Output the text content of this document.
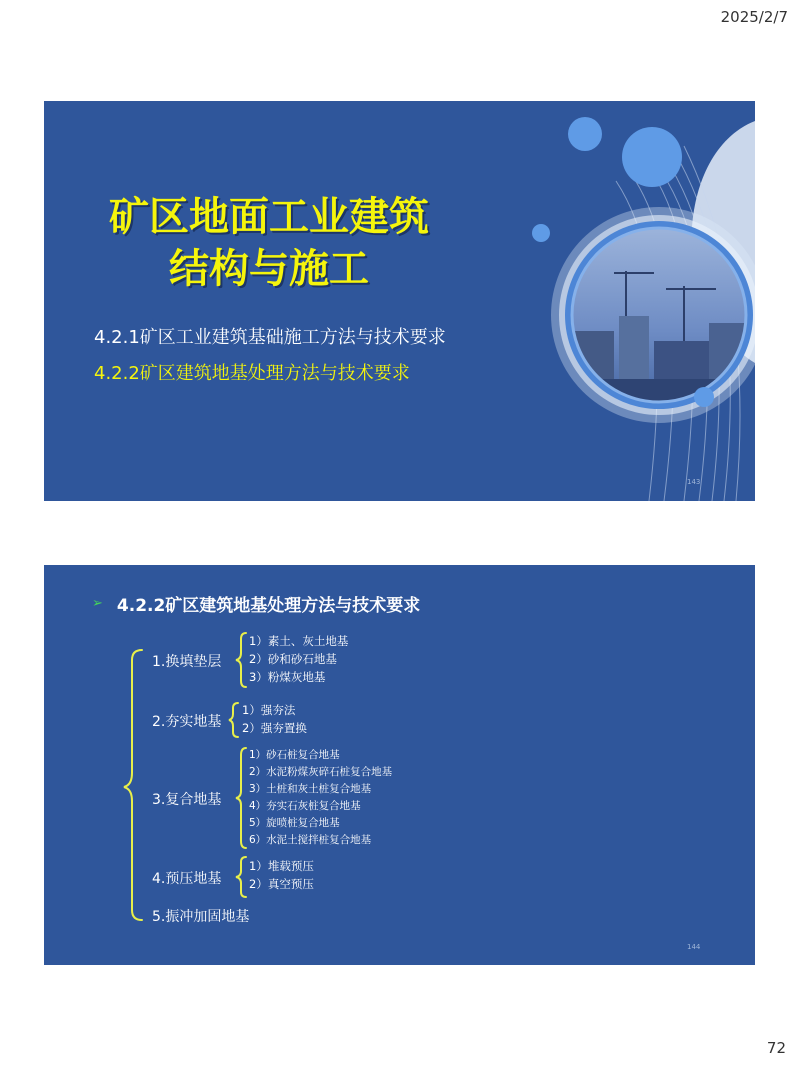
2025/2/7
矿区地面工业建筑
结构与施工
4.2.1矿区工业建筑基础施工方法与技术要求
4.2.2矿区建筑地基处理方法与技术要求
143
➢ 4.2.2矿区建筑地基处理方法与技术要求
1.换填垫层
1）素土、灰土地基
2）砂和砂石地基
3）粉煤灰地基
2.夯实地基
1）强夯法
2）强夯置换
3.复合地基
1）砂石桩复合地基
2）水泥粉煤灰碎石桩复合地基
3）土桩和灰土桩复合地基
4）夯实石灰桩复合地基
5）旋喷桩复合地基
6）水泥土搅拌桩复合地基
4.预压地基
1）堆载预压
2）真空预压
5.振冲加固地基
144
72
